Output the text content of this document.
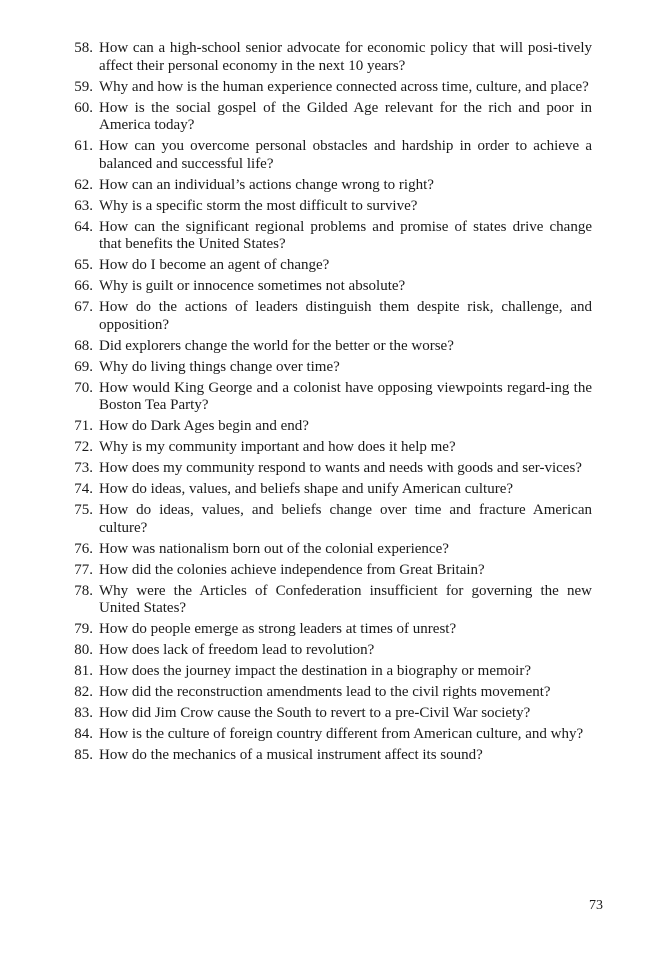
58. How can a high-school senior advocate for economic policy that will posi-tively affect their personal economy in the next 10 years?
59. Why and how is the human experience connected across time, culture, and place?
60. How is the social gospel of the Gilded Age relevant for the rich and poor in America today?
61. How can you overcome personal obstacles and hardship in order to achieve a balanced and successful life?
62. How can an individual’s actions change wrong to right?
63. Why is a specific storm the most difficult to survive?
64. How can the significant regional problems and promise of states drive change that benefits the United States?
65. How do I become an agent of change?
66. Why is guilt or innocence sometimes not absolute?
67. How do the actions of leaders distinguish them despite risk, challenge, and opposition?
68. Did explorers change the world for the better or the worse?
69. Why do living things change over time?
70. How would King George and a colonist have opposing viewpoints regard-ing the Boston Tea Party?
71. How do Dark Ages begin and end?
72. Why is my community important and how does it help me?
73. How does my community respond to wants and needs with goods and ser-vices?
74. How do ideas, values, and beliefs shape and unify American culture?
75. How do ideas, values, and beliefs change over time and fracture American culture?
76. How was nationalism born out of the colonial experience?
77. How did the colonies achieve independence from Great Britain?
78. Why were the Articles of Confederation insufficient for governing the new United States?
79. How do people emerge as strong leaders at times of unrest?
80. How does lack of freedom lead to revolution?
81. How does the journey impact the destination in a biography or memoir?
82. How did the reconstruction amendments lead to the civil rights movement?
83. How did Jim Crow cause the South to revert to a pre-Civil War society?
84. How is the culture of foreign country different from American culture, and why?
85. How do the mechanics of a musical instrument affect its sound?
73
